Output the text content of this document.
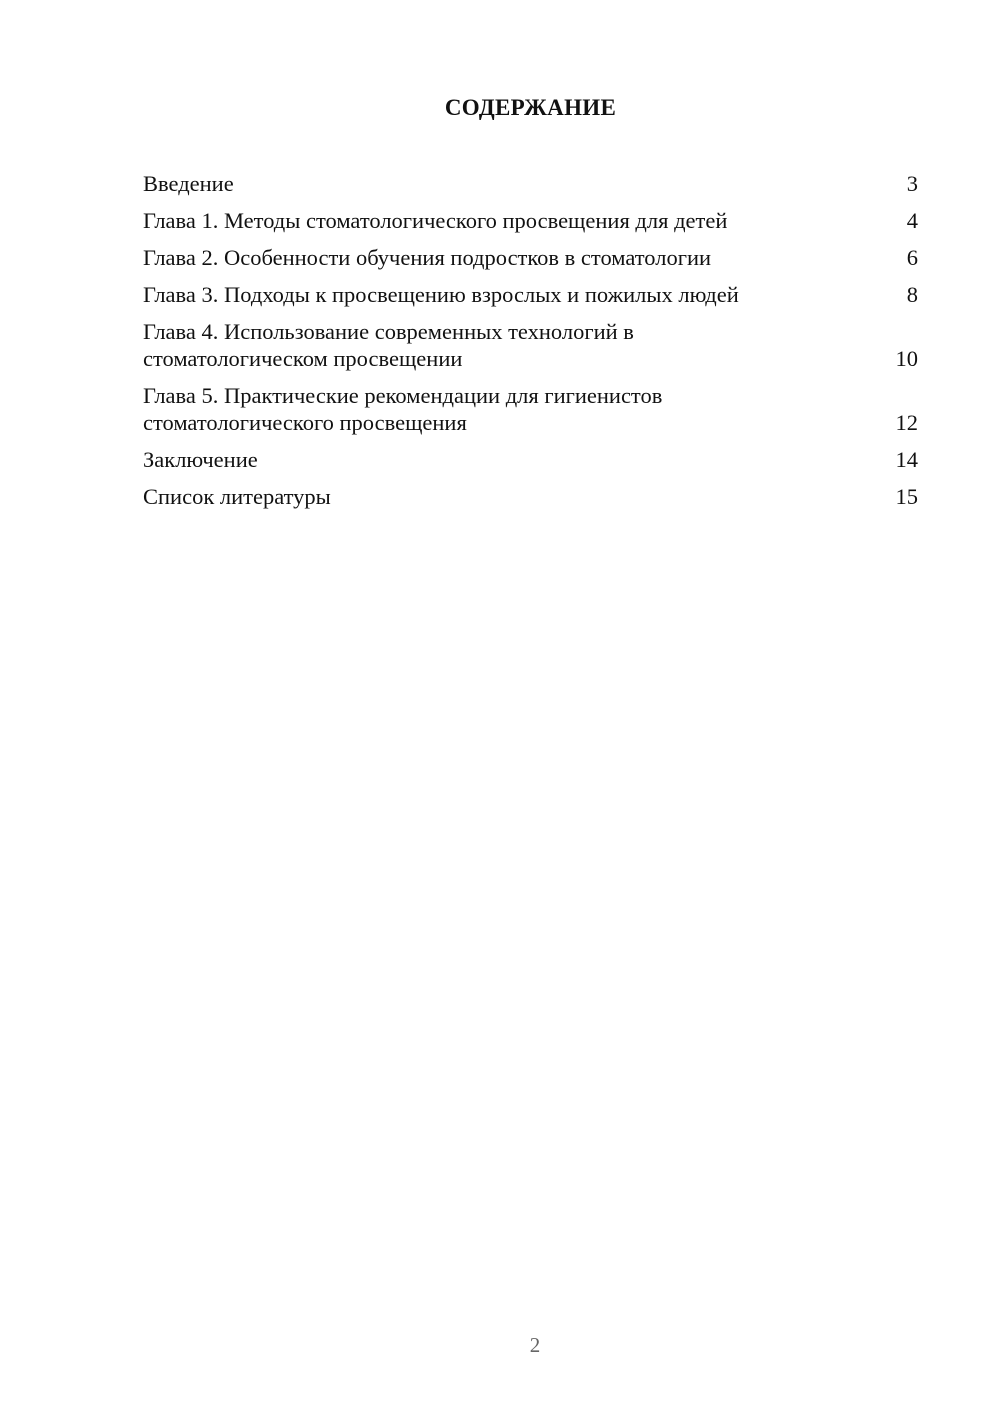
СОДЕРЖАНИЕ
Введение	3
Глава 1. Методы стоматологического просвещения для детей	4
Глава 2. Особенности обучения подростков в стоматологии	6
Глава 3. Подходы к просвещению взрослых и пожилых людей	8
Глава 4. Использование современных технологий в стоматологическом просвещении	10
Глава 5. Практические рекомендации для гигиенистов стоматологического просвещения	12
Заключение	14
Список литературы	15
2
